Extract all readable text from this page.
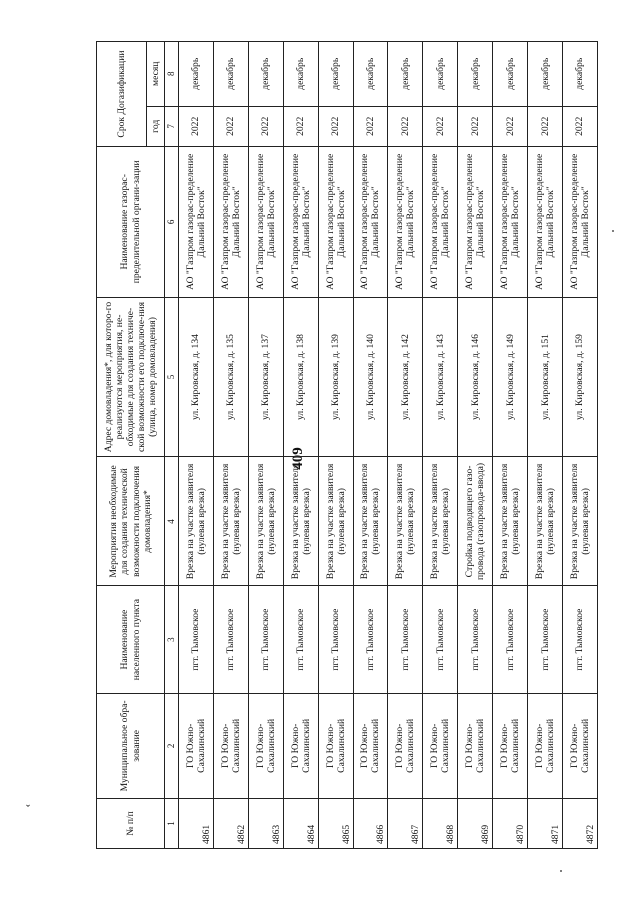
409
ˇ
№ п/п	Муниципальное обра-зование	Наименование населенного пункта	Мероприятия необходимые для создания технической возможности подключения домовладения*	Адрес домовладения*, для которо-го реализуются мероприятия, не-обходимые для создания техниче-ской возможности его подключе-ния (улица, номер домовладения)	Наименование газорас-пределительной органи-зации	Срок Догазификации	
						год	месяц
1	2	3	4	5	6	7	8
4861	ГО Южно-Сахалинский	пгт. Тымовское	Врезка на участке заявителя (нулевая врезка)	ул. Кировская, д. 134	АО "Газпром газорас-пределение Дальний Восток"	2022	декабрь
4862	ГО Южно-Сахалинский	пгт. Тымовское	Врезка на участке заявителя (нулевая врезка)	ул. Кировская, д. 135	АО "Газпром газорас-пределение Дальний Восток"	2022	декабрь
4863	ГО Южно-Сахалинский	пгт. Тымовское	Врезка на участке заявителя (нулевая врезка)	ул. Кировская, д. 137	АО "Газпром газорас-пределение Дальний Восток"	2022	декабрь
4864	ГО Южно-Сахалинский	пгт. Тымовское	Врезка на участке заявителя (нулевая врезка)	ул. Кировская, д. 138	АО "Газпром газорас-пределение Дальний Восток"	2022	декабрь
4865	ГО Южно-Сахалинский	пгт. Тымовское	Врезка на участке заявителя (нулевая врезка)	ул. Кировская, д. 139	АО "Газпром газорас-пределение Дальний Восток"	2022	декабрь
4866	ГО Южно-Сахалинский	пгт. Тымовское	Врезка на участке заявителя (нулевая врезка)	ул. Кировская, д. 140	АО "Газпром газорас-пределение Дальний Восток"	2022	декабрь
4867	ГО Южно-Сахалинский	пгт. Тымовское	Врезка на участке заявителя (нулевая врезка)	ул. Кировская, д. 142	АО "Газпром газорас-пределение Дальний Восток"	2022	декабрь
4868	ГО Южно-Сахалинский	пгт. Тымовское	Врезка на участке заявителя (нулевая врезка)	ул. Кировская, д. 143	АО "Газпром газорас-пределение Дальний Восток"	2022	декабрь
4869	ГО Южно-Сахалинский	пгт. Тымовское	Стройка подводящего газо-провода (газопровода-ввода)	ул. Кировская, д. 146	АО "Газпром газорас-пределение Дальний Восток"	2022	декабрь
4870	ГО Южно-Сахалинский	пгт. Тымовское	Врезка на участке заявителя (нулевая врезка)	ул. Кировская, д. 149	АО "Газпром газорас-пределение Дальний Восток"	2022	декабрь
4871	ГО Южно-Сахалинский	пгт. Тымовское	Врезка на участке заявителя (нулевая врезка)	ул. Кировская, д. 151	АО "Газпром газорас-пределение Дальний Восток"	2022	декабрь
4872	ГО Южно-Сахалинский	пгт. Тымовское	Врезка на участке заявителя (нулевая врезка)	ул. Кировская, д. 159	АО "Газпром газорас-пределение Дальний Восток"	2022	декабрь
